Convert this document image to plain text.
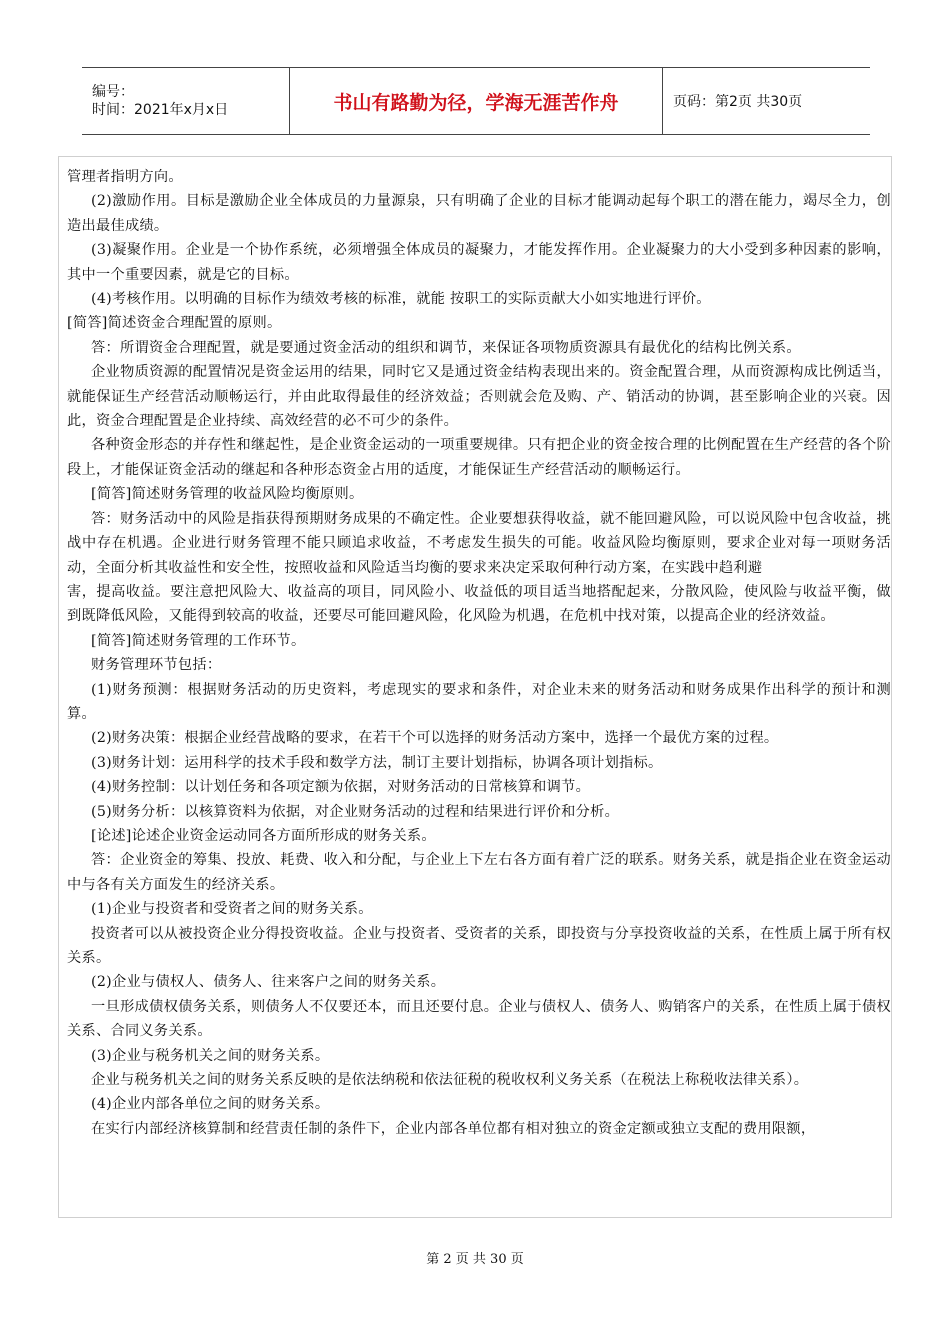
编号：
时间：2021年x月x日	书山有路勤为径，学海无涯苦作舟	页码：第2页 共30页

管理者指明方向。

(2)激励作用。目标是激励企业全体成员的力量源泉，只有明确了企业的目标才能调动起每个职工的潜在能力，竭尽全力，创造出最佳成绩。

(3)凝聚作用。企业是一个协作系统，必须增强全体成员的凝聚力，才能发挥作用。企业凝聚力的大小受到多种因素的影响，其中一个重要因素，就是它的目标。

(4)考核作用。以明确的目标作为绩效考核的标准，就能 按职工的实际贡献大小如实地进行评价。

[简答]简述资金合理配置的原则。

答：所谓资金合理配置，就是要通过资金活动的组织和调节，来保证各项物质资源具有最优化的结构比例关系。

企业物质资源的配置情况是资金运用的结果，同时它又是通过资金结构表现出来的。资金配置合理，从而资源构成比例适当，就能保证生产经营活动顺畅运行，并由此取得最佳的经济效益；否则就会危及购、产、销活动的协调，甚至影响企业的兴衰。因此，资金合理配置是企业持续、高效经营的必不可少的条件。

各种资金形态的并存性和继起性，是企业资金运动的一项重要规律。只有把企业的资金按合理的比例配置在生产经营的各个阶段上，才能保证资金活动的继起和各种形态资金占用的适度，才能保证生产经营活动的顺畅运行。

[简答]简述财务管理的收益风险均衡原则。

答：财务活动中的风险是指获得预期财务成果的不确定性。企业要想获得收益，就不能回避风险，可以说风险中包含收益，挑战中存在机遇。企业进行财务管理不能只顾追求收益，不考虑发生损失的可能。收益风险均衡原则，要求企业对每一项财务活动，全面分析其收益性和安全性，按照收益和风险适当均衡的要求来决定采取何种行动方案，在实践中趋利避

害，提高收益。要注意把风险大、收益高的项目，同风险小、收益低的项目适当地搭配起来，分散风险，使风险与收益平衡，做到既降低风险，又能得到较高的收益，还要尽可能回避风险，化风险为机遇，在危机中找对策，以提高企业的经济效益。

[简答]简述财务管理的工作环节。

财务管理环节包括：

(1)财务预测：根据财务活动的历史资料，考虑现实的要求和条件，对企业未来的财务活动和财务成果作出科学的预计和测算。

(2)财务决策：根据企业经营战略的要求，在若干个可以选择的财务活动方案中，选择一个最优方案的过程。

(3)财务计划：运用科学的技术手段和数学方法，制订主要计划指标，协调各项计划指标。

(4)财务控制：以计划任务和各项定额为依据，对财务活动的日常核算和调节。

(5)财务分析：以核算资料为依据，对企业财务活动的过程和结果进行评价和分析。

[论述]论述企业资金运动同各方面所形成的财务关系。

答：企业资金的筹集、投放、耗费、收入和分配，与企业上下左右各方面有着广泛的联系。财务关系，就是指企业在资金运动中与各有关方面发生的经济关系。

(1)企业与投资者和受资者之间的财务关系。

投资者可以从被投资企业分得投资收益。企业与投资者、受资者的关系，即投资与分享投资收益的关系，在性质上属于所有权关系。

(2)企业与债权人、债务人、往来客户之间的财务关系。

一旦形成债权债务关系，则债务人不仅要还本，而且还要付息。企业与债权人、债务人、购销客户的关系，在性质上属于债权关系、合同义务关系。

(3)企业与税务机关之间的财务关系。

企业与税务机关之间的财务关系反映的是依法纳税和依法征税的税收权利义务关系（在税法上称税收法律关系）。

(4)企业内部各单位之间的财务关系。

在实行内部经济核算制和经营责任制的条件下，企业内部各单位都有相对独立的资金定额或独立支配的费用限额，

第 2 页 共 30 页
